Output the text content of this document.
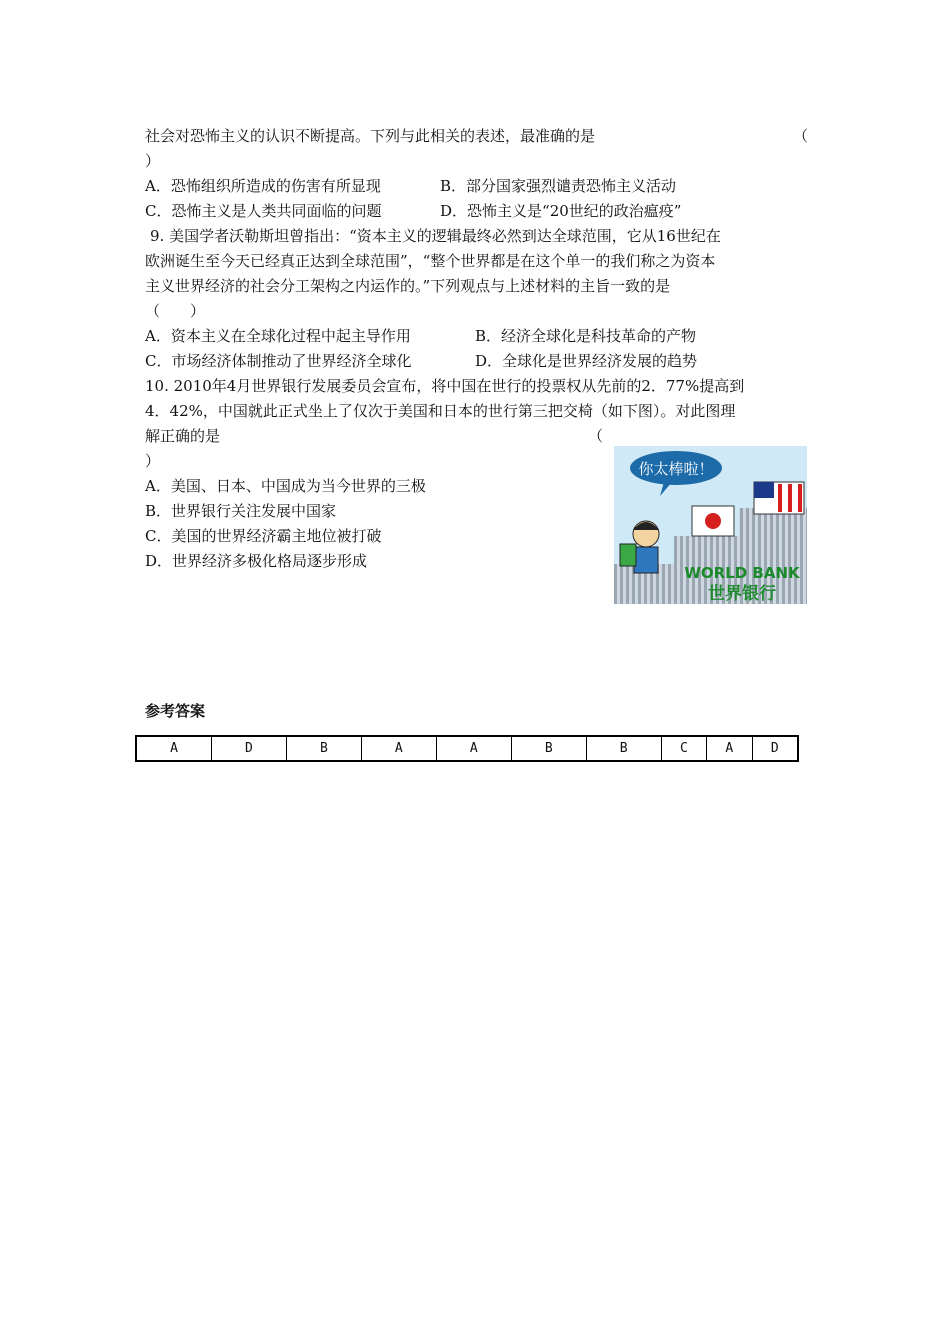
社会对恐怖主义的认识不断提高。下列与此相关的表述，最准确的是	（
）
A．恐怖组织所造成的伤害有所显现	B．部分国家强烈谴责恐怖主义活动
C．恐怖主义是人类共同面临的问题	D．恐怖主义是“20世纪的政治瘟疫”
9. 美国学者沃勒斯坦曾指出：“资本主义的逻辑最终必然到达全球范围，它从16世纪在
欧洲诞生至今天已经真正达到全球范围”，“整个世界都是在这个单一的我们称之为资本
主义世界经济的社会分工架构之内运作的。”下列观点与上述材料的主旨一致的是
（　　）
A．资本主义在全球化过程中起主导作用	B．经济全球化是科技革命的产物
C．市场经济体制推动了世界经济全球化	D．全球化是世界经济发展的趋势
10. 2010年4月世界银行发展委员会宣布，将中国在世行的投票权从先前的2．77%提高到
4．42%，中国就此正式坐上了仅次于美国和日本的世行第三把交椅（如下图）。对此图理
解正确的是	（
）
A．美国、日本、中国成为当今世界的三极
B．世界银行关注发展中国家
C．美国的世界经济霸主地位被打破
D．世界经济多极化格局逐步形成
你太棒啦！
WORLD BANK
世界银行
参考答案
A	D	B	A	A	B	B	C	A	D
